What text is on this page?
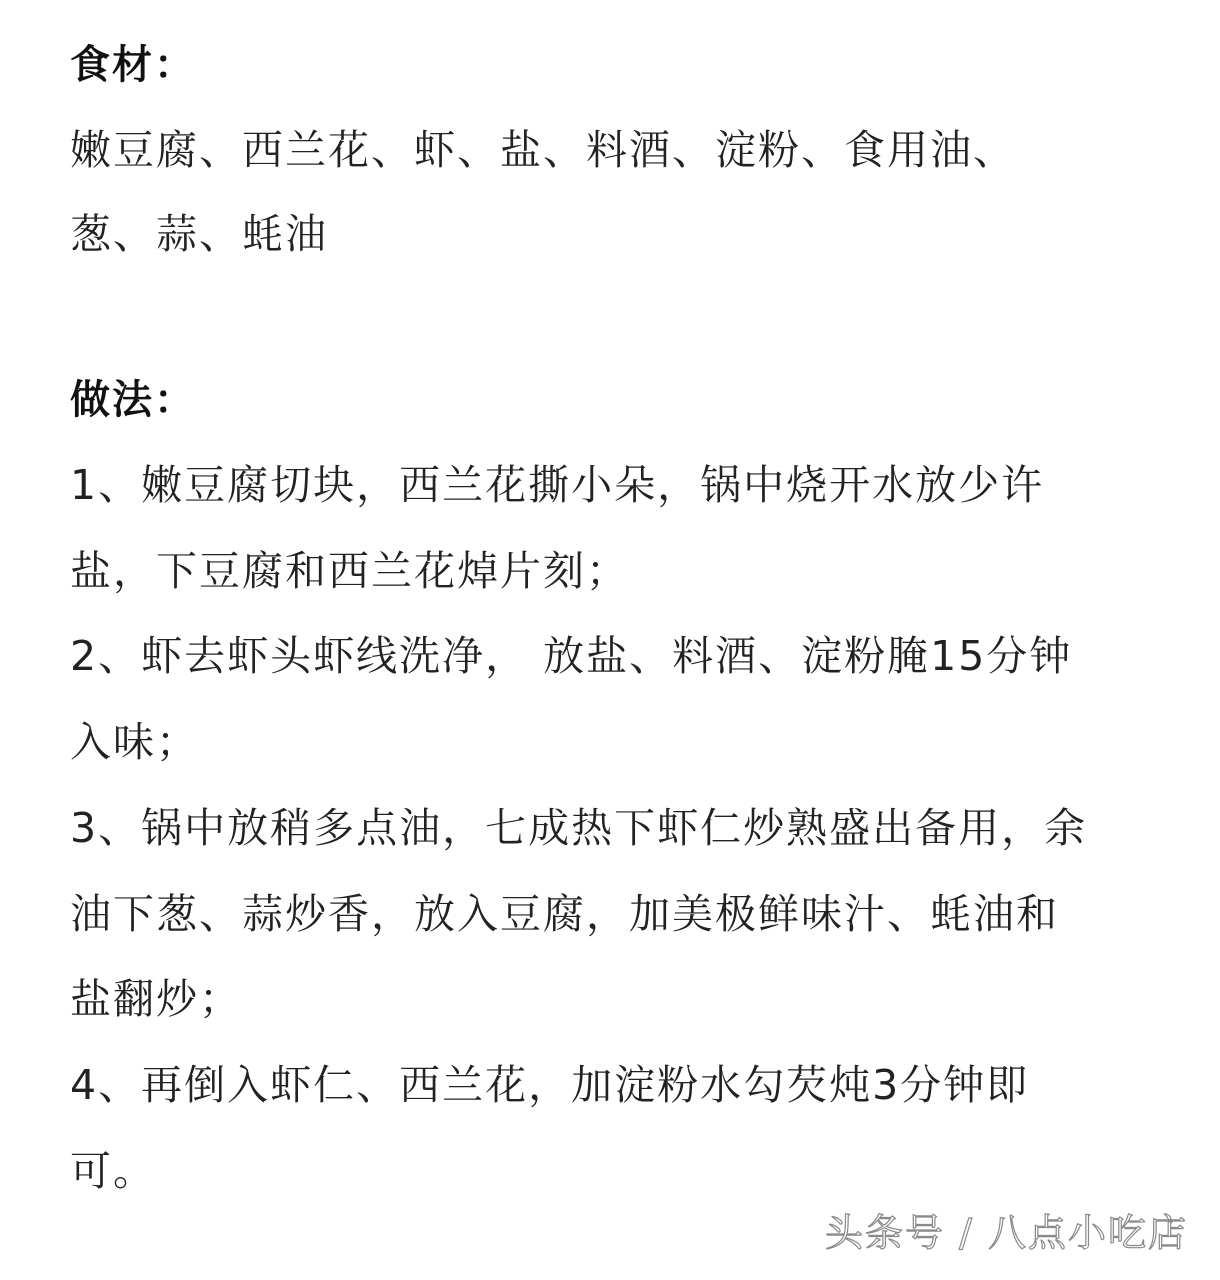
食材：
嫩豆腐、西兰花、虾、盐、料酒、淀粉、食用油、
葱、蒜、蚝油
做法：
1、嫩豆腐切块，西兰花撕小朵，锅中烧开水放少许
盐，下豆腐和西兰花焯片刻；
2、虾去虾头虾线洗净， 放盐、料酒、淀粉腌15分钟
入味；
3、锅中放稍多点油，七成热下虾仁炒熟盛出备用，余
油下葱、蒜炒香，放入豆腐，加美极鲜味汁、蚝油和
盐翻炒；
4、再倒入虾仁、西兰花，加淀粉水勾芡炖3分钟即
可。
头条号 / 八点小吃店
